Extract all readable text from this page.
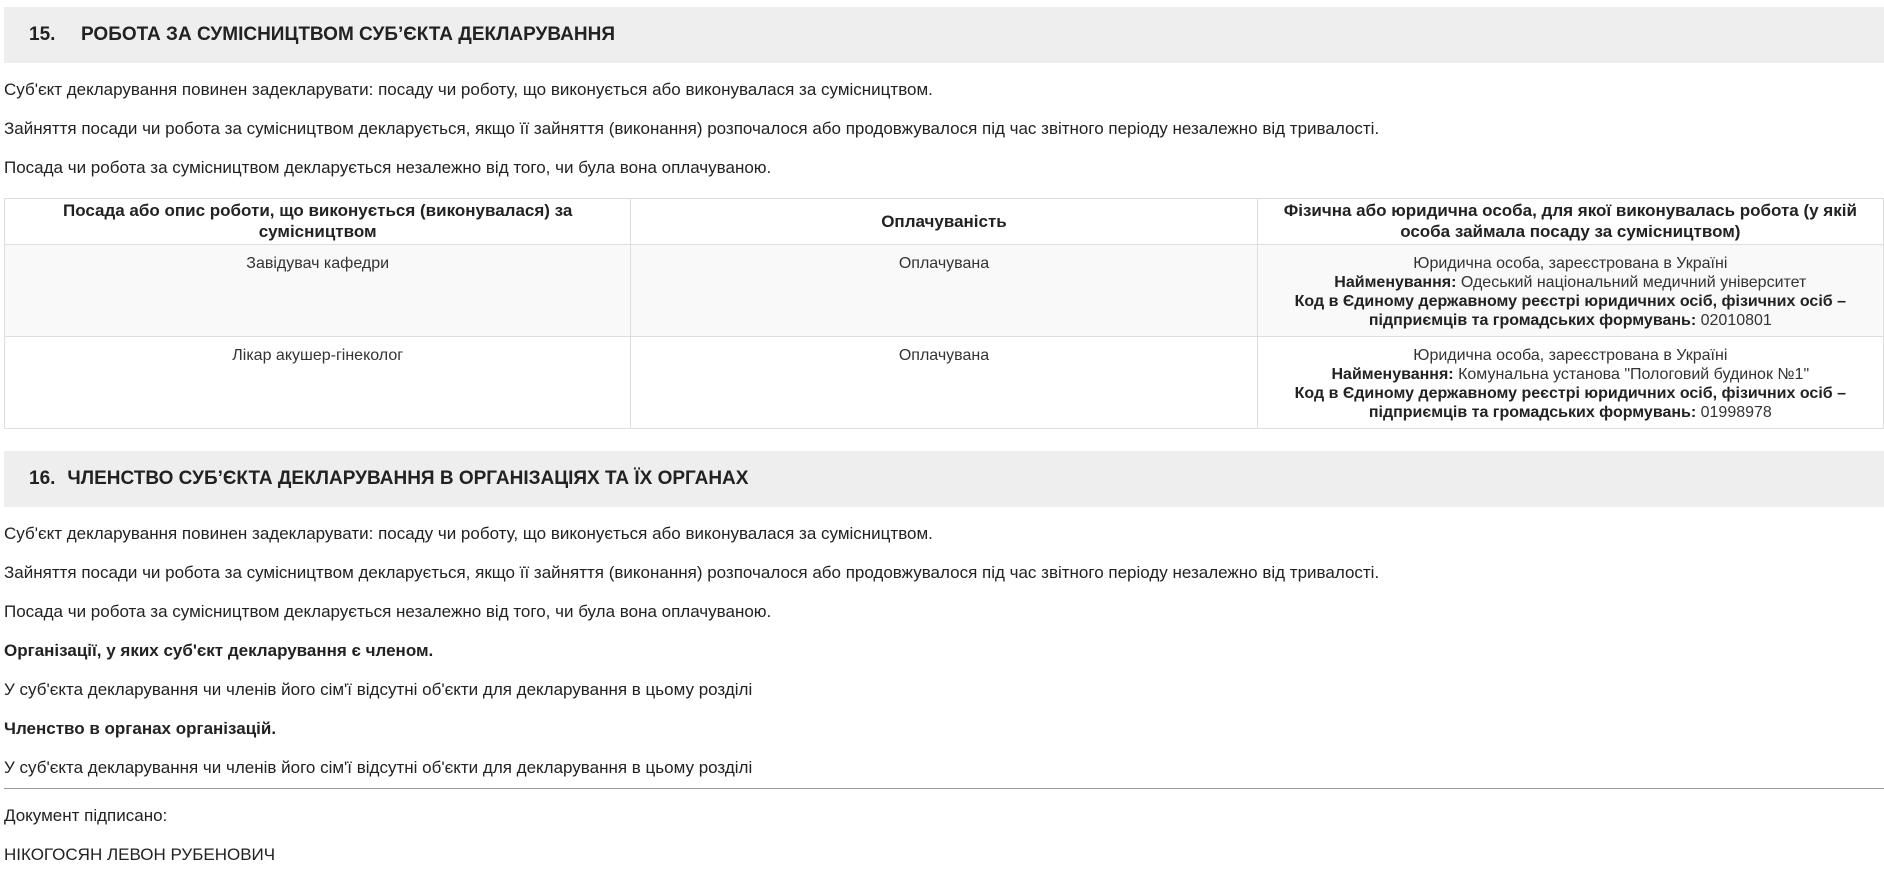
15.	РОБОТА ЗА СУМІСНИЦТВОМ СУБ’ЄКТА ДЕКЛАРУВАННЯ

Суб'єкт декларування повинен задекларувати: посаду чи роботу, що виконується або виконувалася за сумісництвом.

Зайняття посади чи робота за сумісництвом декларується, якщо її зайняття (виконання) розпочалося або продовжувалося під час звітного періоду незалежно від тривалості.

Посада чи робота за сумісництвом декларується незалежно від того, чи була вона оплачуваною.

Посада або опис роботи, що виконується (виконувалася) за сумісництвом	Оплачуваність	Фізична або юридична особа, для якої виконувалась робота (у якій особа займала посаду за сумісництвом)
Завідувач кафедри	Оплачувана	Юридична особа, зареєстрована в Україні
Найменування: Одеський національний медичний університет
Код в Єдиному державному реєстрі юридичних осіб, фізичних осіб – підприємців та громадських формувань: 02010801

Лікар акушер-гінеколог	Оплачувана	Юридична особа, зареєстрована в Україні
Найменування: Комунальна установа "Пологовий будинок №1"
Код в Єдиному державному реєстрі юридичних осіб, фізичних осіб – підприємців та громадських формувань: 01998978
16. ЧЛЕНСТВО СУБ’ЄКТА ДЕКЛАРУВАННЯ В ОРГАНІЗАЦІЯХ ТА ЇХ ОРГАНАХ

Суб'єкт декларування повинен задекларувати: посаду чи роботу, що виконується або виконувалася за сумісництвом.

Зайняття посади чи робота за сумісництвом декларується, якщо її зайняття (виконання) розпочалося або продовжувалося під час звітного періоду незалежно від тривалості.

Посада чи робота за сумісництвом декларується незалежно від того, чи була вона оплачуваною.

Організації, у яких суб'єкт декларування є членом.

У суб'єкта декларування чи членів його сім'ї відсутні об'єкти для декларування в цьому розділі

Членство в органах організацій.

У суб'єкта декларування чи членів його сім'ї відсутні об'єкти для декларування в цьому розділі

Документ підписано:

НІКОГОСЯН ЛЕВОН РУБЕНОВИЧ
